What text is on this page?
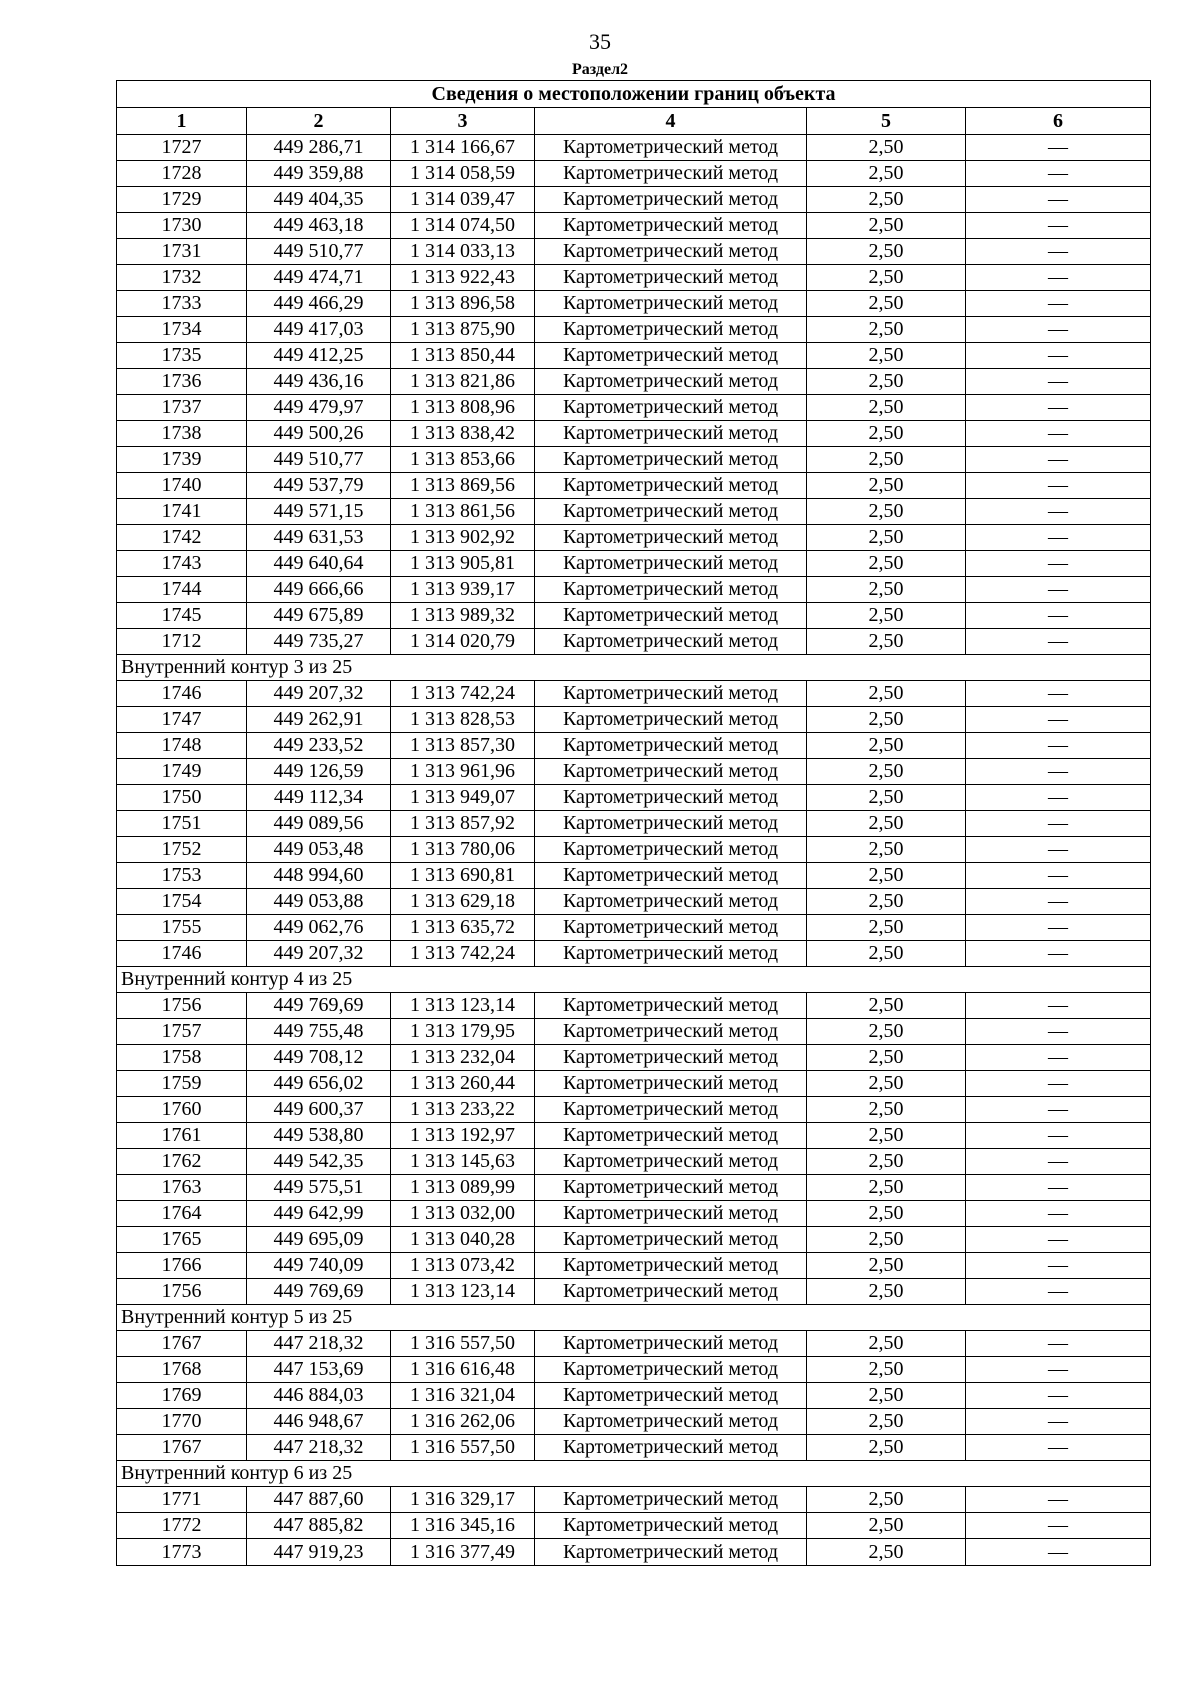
35
Раздел2
Сведения о местоположении границ объекта					
1	2	3	4	5	6
1727	449 286,71	1 314 166,67	Картометрический метод	2,50	—
1728	449 359,88	1 314 058,59	Картометрический метод	2,50	—
1729	449 404,35	1 314 039,47	Картометрический метод	2,50	—
1730	449 463,18	1 314 074,50	Картометрический метод	2,50	—
1731	449 510,77	1 314 033,13	Картометрический метод	2,50	—
1732	449 474,71	1 313 922,43	Картометрический метод	2,50	—
1733	449 466,29	1 313 896,58	Картометрический метод	2,50	—
1734	449 417,03	1 313 875,90	Картометрический метод	2,50	—
1735	449 412,25	1 313 850,44	Картометрический метод	2,50	—
1736	449 436,16	1 313 821,86	Картометрический метод	2,50	—
1737	449 479,97	1 313 808,96	Картометрический метод	2,50	—
1738	449 500,26	1 313 838,42	Картометрический метод	2,50	—
1739	449 510,77	1 313 853,66	Картометрический метод	2,50	—
1740	449 537,79	1 313 869,56	Картометрический метод	2,50	—
1741	449 571,15	1 313 861,56	Картометрический метод	2,50	—
1742	449 631,53	1 313 902,92	Картометрический метод	2,50	—
1743	449 640,64	1 313 905,81	Картометрический метод	2,50	—
1744	449 666,66	1 313 939,17	Картометрический метод	2,50	—
1745	449 675,89	1 313 989,32	Картометрический метод	2,50	—
1712	449 735,27	1 314 020,79	Картометрический метод	2,50	—
Внутренний контур 3 из 25					
1746	449 207,32	1 313 742,24	Картометрический метод	2,50	—
1747	449 262,91	1 313 828,53	Картометрический метод	2,50	—
1748	449 233,52	1 313 857,30	Картометрический метод	2,50	—
1749	449 126,59	1 313 961,96	Картометрический метод	2,50	—
1750	449 112,34	1 313 949,07	Картометрический метод	2,50	—
1751	449 089,56	1 313 857,92	Картометрический метод	2,50	—
1752	449 053,48	1 313 780,06	Картометрический метод	2,50	—
1753	448 994,60	1 313 690,81	Картометрический метод	2,50	—
1754	449 053,88	1 313 629,18	Картометрический метод	2,50	—
1755	449 062,76	1 313 635,72	Картометрический метод	2,50	—
1746	449 207,32	1 313 742,24	Картометрический метод	2,50	—
Внутренний контур 4 из 25					
1756	449 769,69	1 313 123,14	Картометрический метод	2,50	—
1757	449 755,48	1 313 179,95	Картометрический метод	2,50	—
1758	449 708,12	1 313 232,04	Картометрический метод	2,50	—
1759	449 656,02	1 313 260,44	Картометрический метод	2,50	—
1760	449 600,37	1 313 233,22	Картометрический метод	2,50	—
1761	449 538,80	1 313 192,97	Картометрический метод	2,50	—
1762	449 542,35	1 313 145,63	Картометрический метод	2,50	—
1763	449 575,51	1 313 089,99	Картометрический метод	2,50	—
1764	449 642,99	1 313 032,00	Картометрический метод	2,50	—
1765	449 695,09	1 313 040,28	Картометрический метод	2,50	—
1766	449 740,09	1 313 073,42	Картометрический метод	2,50	—
1756	449 769,69	1 313 123,14	Картометрический метод	2,50	—
Внутренний контур 5 из 25					
1767	447 218,32	1 316 557,50	Картометрический метод	2,50	—
1768	447 153,69	1 316 616,48	Картометрический метод	2,50	—
1769	446 884,03	1 316 321,04	Картометрический метод	2,50	—
1770	446 948,67	1 316 262,06	Картометрический метод	2,50	—
1767	447 218,32	1 316 557,50	Картометрический метод	2,50	—
Внутренний контур 6 из 25					
1771	447 887,60	1 316 329,17	Картометрический метод	2,50	—
1772	447 885,82	1 316 345,16	Картометрический метод	2,50	—
1773	447 919,23	1 316 377,49	Картометрический метод	2,50	—
